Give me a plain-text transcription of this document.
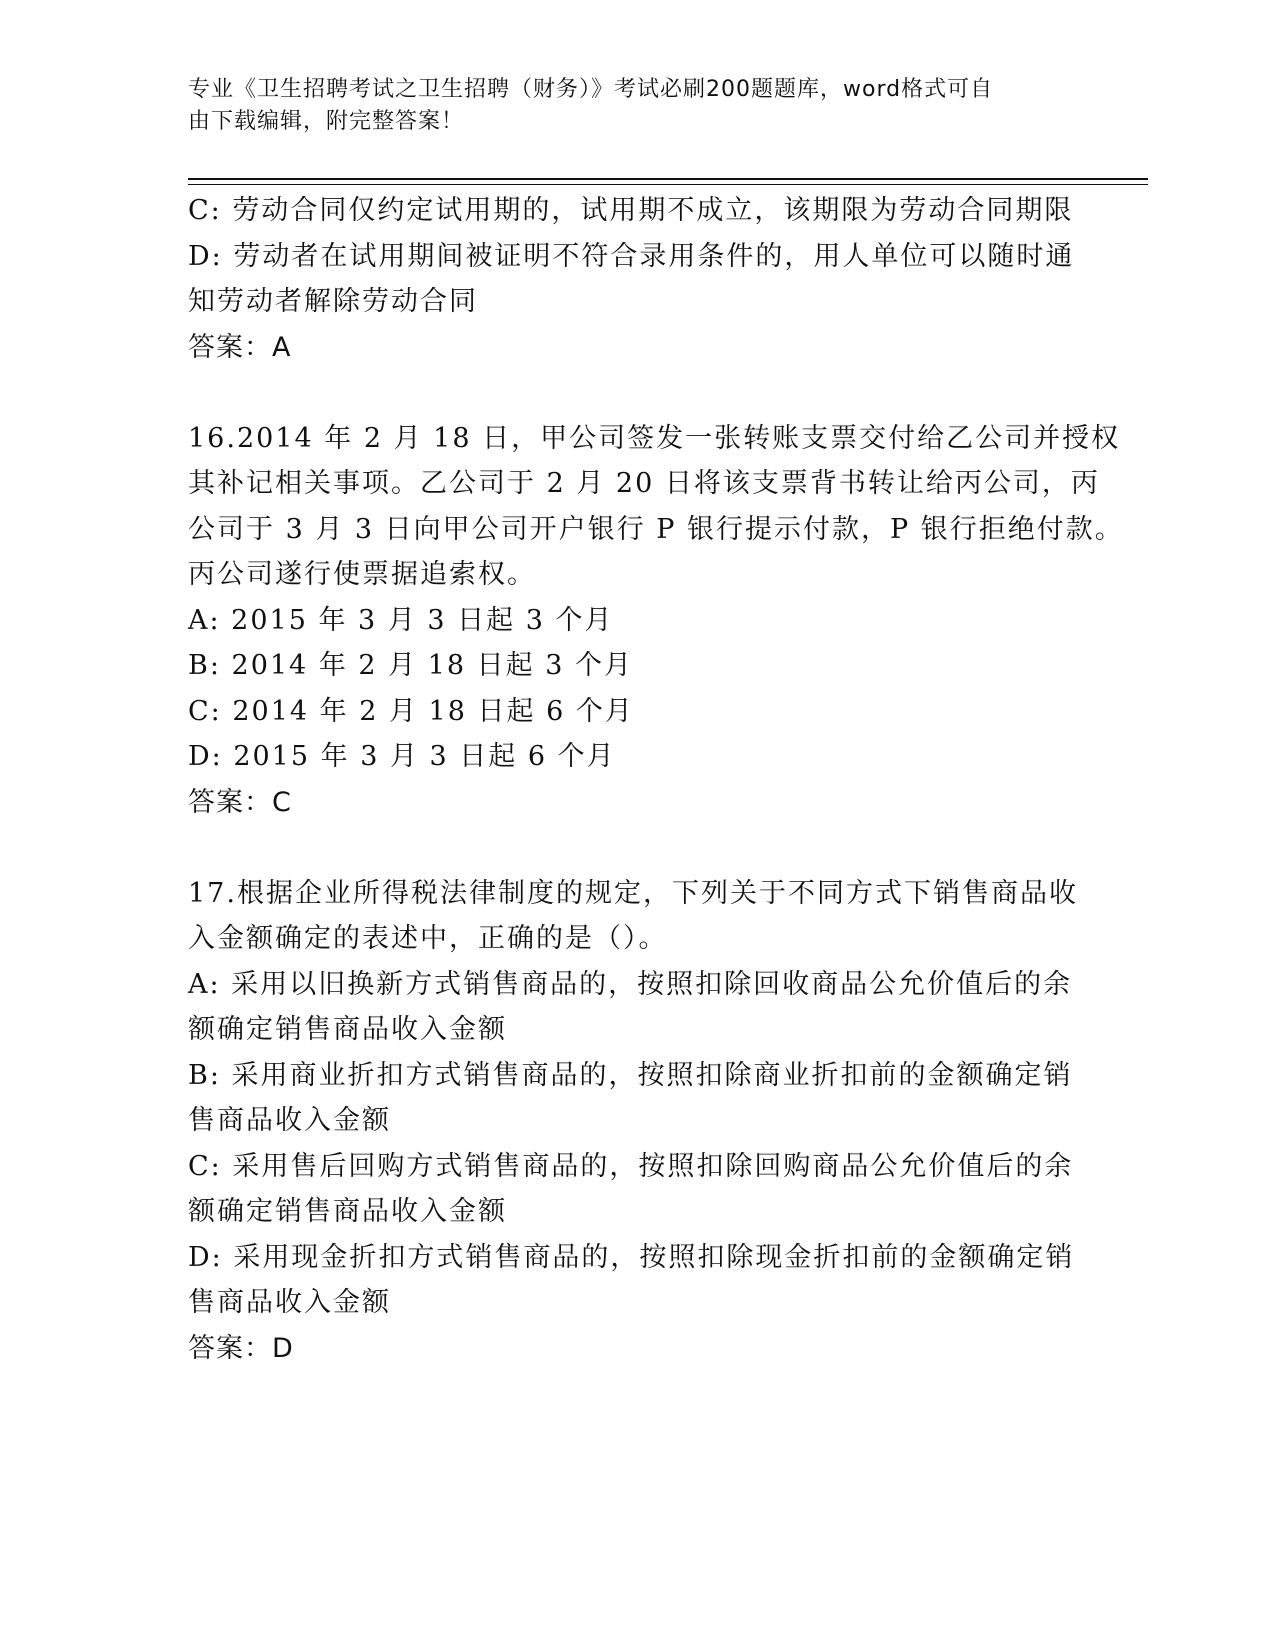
专业《卫生招聘考试之卫生招聘（财务）》考试必刷200题题库，word格式可自
由下载编辑，附完整答案！
C: 劳动合同仅约定试用期的，试用期不成立，该期限为劳动合同期限
D: 劳动者在试用期间被证明不符合录用条件的，用人单位可以随时通
知劳动者解除劳动合同
答案：A
16.2014 年 2 月 18 日，甲公司签发一张转账支票交付给乙公司并授权
其补记相关事项。乙公司于 2 月 20 日将该支票背书转让给丙公司，丙
公司于 3 月 3 日向甲公司开户银行 P 银行提示付款，P 银行拒绝付款。
丙公司遂行使票据追索权。
A: 2015 年 3 月 3 日起 3 个月
B: 2014 年 2 月 18 日起 3 个月
C: 2014 年 2 月 18 日起 6 个月
D: 2015 年 3 月 3 日起 6 个月
答案：C
17.根据企业所得税法律制度的规定，下列关于不同方式下销售商品收
入金额确定的表述中，正确的是（）。
A: 采用以旧换新方式销售商品的，按照扣除回收商品公允价值后的余
额确定销售商品收入金额
B: 采用商业折扣方式销售商品的，按照扣除商业折扣前的金额确定销
售商品收入金额
C: 采用售后回购方式销售商品的，按照扣除回购商品公允价值后的余
额确定销售商品收入金额
D: 采用现金折扣方式销售商品的，按照扣除现金折扣前的金额确定销
售商品收入金额
答案：D
